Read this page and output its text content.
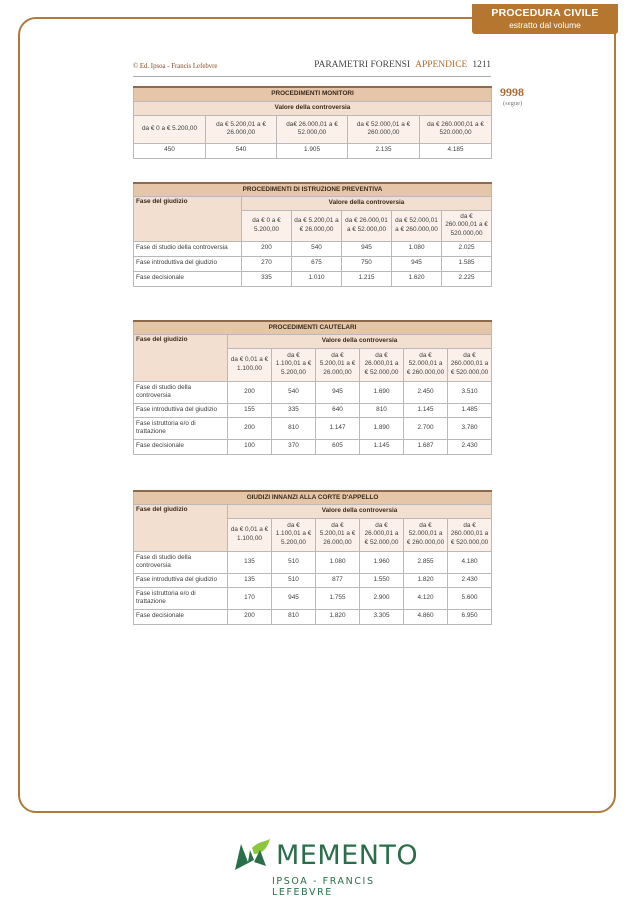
PROCEDURA CIVILE
estratto dal volume
© Ed. Ipsoa - Francis Lefebvre	PARAMETRI FORENSI APPENDICE 1211
9998
(segue)
PROCEDIMENTI MONITORI				
Valore della controversia				
da € 0 a € 5.200,00	da € 5.200,01 a € 26.000,00	da€ 26.000,01 a € 52.000,00	da € 52.000,01 a € 260.000,00	da € 260.000,01 a € 520.000,00
450	540	1.905	2.135	4.185
PROCEDIMENTI DI ISTRUZIONE PREVENTIVA					
Fase del giudizio	Valore della controversia				
	da € 0 a € 5.200,00	da € 5.200,01 a € 26.000,00	da € 26.000,01 a € 52.000,00	da € 52.000,01 a € 260.000,00	da € 260.000,01 a € 520.000,00
Fase di studio della controversia	200	540	945	1.080	2.025
Fase introduttiva del giudizio	270	675	750	945	1.585
Fase decisionale	335	1.010	1.215	1.620	2.225
PROCEDIMENTI CAUTELARI						
Fase del giudizio	Valore della controversia					
	da € 0,01 a € 1.100,00	da € 1.100,01 a € 5.200,00	da € 5.200,01 a € 26.000,00	da € 26.000,01 a € 52.000,00	da € 52.000,01 a € 260.000,00	da € 260.000,01 a € 520.000,00
Fase di studio della controversia	200	540	945	1.690	2.450	3.510
Fase introduttiva del giudizio	155	335	640	810	1.145	1.485
Fase istruttoria e/o di trattazione	200	810	1.147	1.890	2.700	3.780
Fase decisionale	100	370	605	1.145	1.687	2.430
GIUDIZI INNANZI ALLA CORTE D'APPELLO						
Fase del giudizio	Valore della controversia					
	da € 0,01 a € 1.100,00	da € 1.100,01 a € 5.200,00	da € 5.200,01 a € 26.000,00	da € 26.000,01 a € 52.000,00	da € 52.000,01 a € 260.000,00	da € 260.000,01 a € 520.000,00
Fase di studio della controversia	135	510	1.080	1.960	2.855	4.180
Fase introduttiva del giudizio	135	510	877	1.550	1.820	2.430
Fase istruttoria e/o di trattazione	170	945	1.755	2.900	4.120	5.600
Fase decisionale	200	810	1.820	3.305	4.860	6.950
MEMENTO
IPSOA - FRANCIS LEFEBVRE
